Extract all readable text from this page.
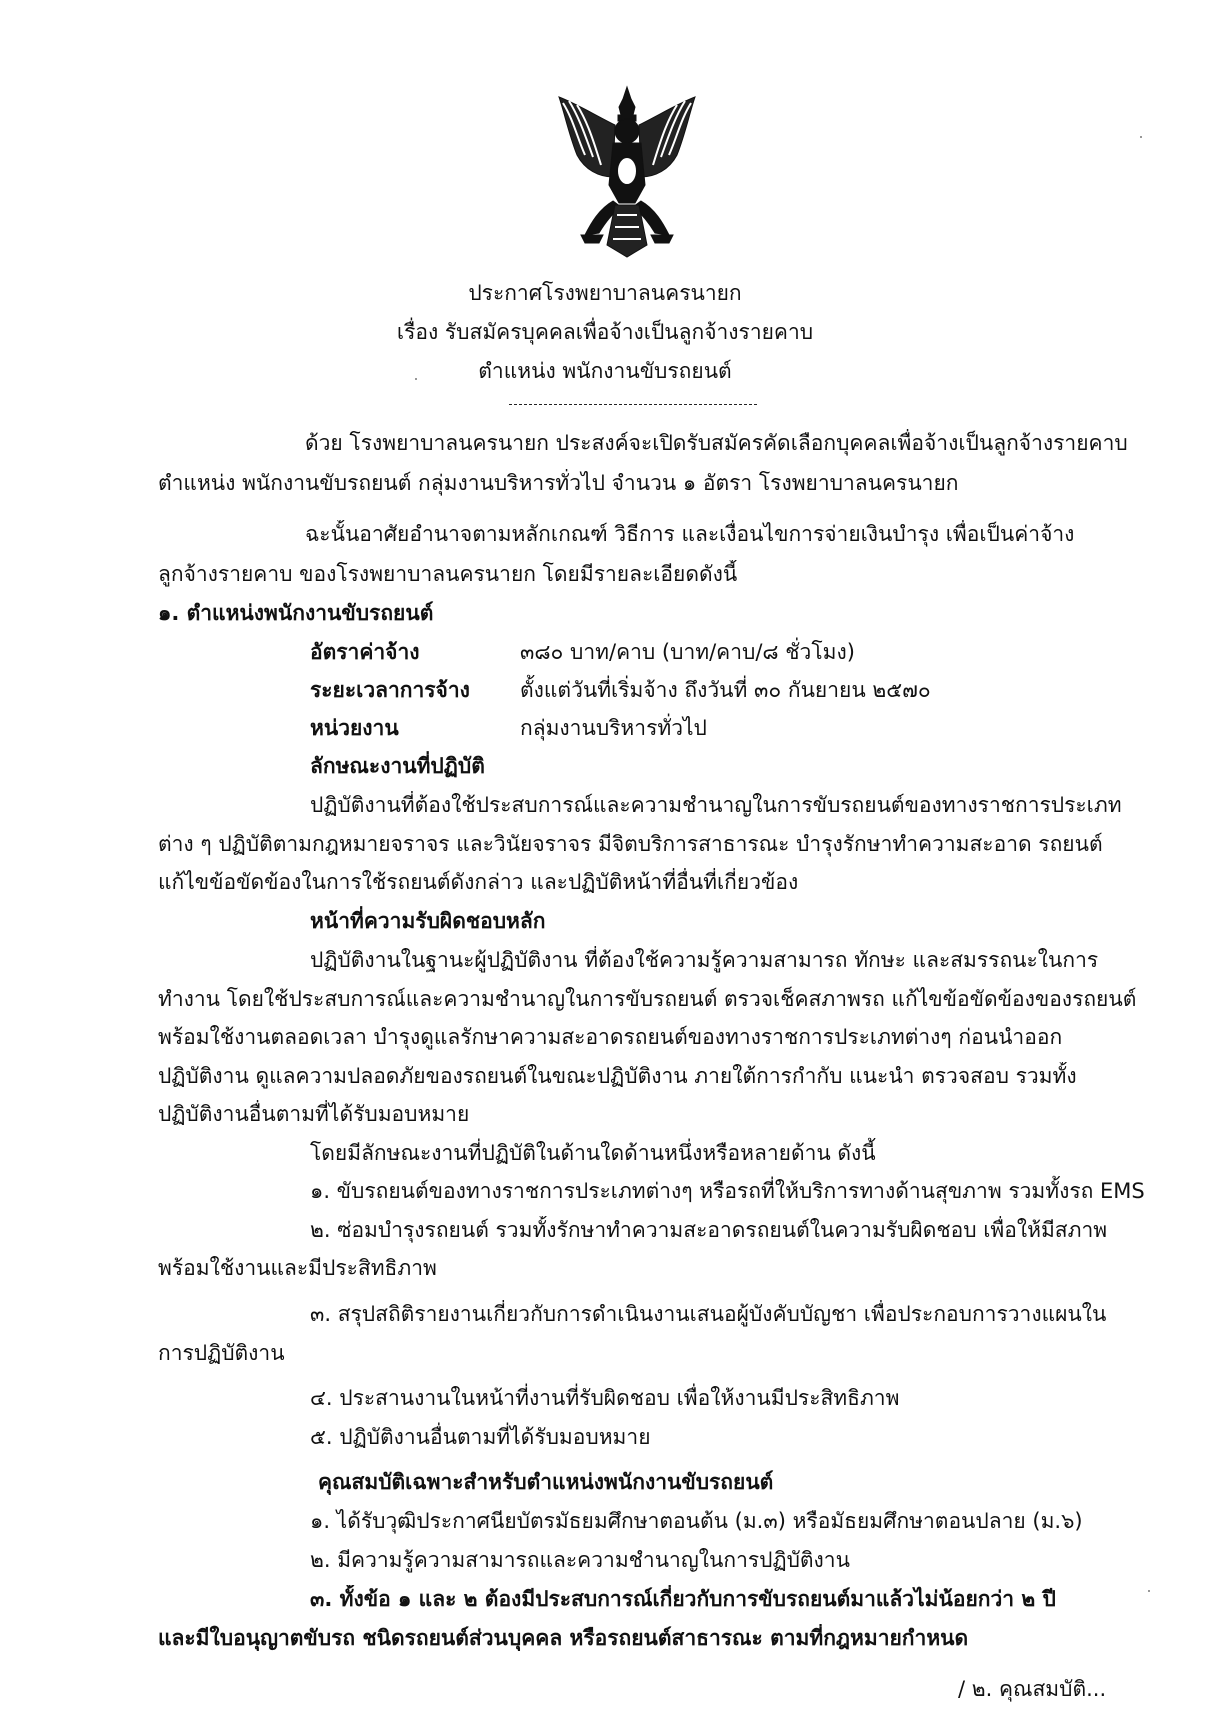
ประกาศโรงพยาบาลนครนายก
เรื่อง รับสมัครบุคคลเพื่อจ้างเป็นลูกจ้างรายคาบ
ตำแหน่ง พนักงานขับรถยนต์
ด้วย โรงพยาบาลนครนายก ประสงค์จะเปิดรับสมัครคัดเลือกบุคคลเพื่อจ้างเป็นลูกจ้างรายคาบ
ตำแหน่ง พนักงานขับรถยนต์ กลุ่มงานบริหารทั่วไป จำนวน ๑ อัตรา โรงพยาบาลนครนายก
ฉะนั้นอาศัยอำนาจตามหลักเกณฑ์ วิธีการ และเงื่อนไขการจ่ายเงินบำรุง เพื่อเป็นค่าจ้าง
ลูกจ้างรายคาบ ของโรงพยาบาลนครนายก โดยมีรายละเอียดดังนี้
๑. ตำแหน่งพนักงานขับรถยนต์
อัตราค่าจ้าง	๓๘๐ บาท/คาบ (บาท/คาบ/๘ ชั่วโมง)
ระยะเวลาการจ้าง ตั้งแต่วันที่เริ่มจ้าง ถึงวันที่ ๓๐ กันยายน ๒๕๗๐
หน่วยงาน	กลุ่มงานบริหารทั่วไป
ลักษณะงานที่ปฏิบัติ
ปฏิบัติงานที่ต้องใช้ประสบการณ์และความชำนาญในการขับรถยนต์ของทางราชการประเภท
ต่าง ๆ ปฏิบัติตามกฎหมายจราจร และวินัยจราจร มีจิตบริการสาธารณะ บำรุงรักษาทำความสะอาด รถยนต์
แก้ไขข้อขัดข้องในการใช้รถยนต์ดังกล่าว และปฏิบัติหน้าที่อื่นที่เกี่ยวข้อง
หน้าที่ความรับผิดชอบหลัก
ปฏิบัติงานในฐานะผู้ปฏิบัติงาน ที่ต้องใช้ความรู้ความสามารถ ทักษะ และสมรรถนะในการ
ทำงาน โดยใช้ประสบการณ์และความชำนาญในการขับรถยนต์ ตรวจเช็คสภาพรถ แก้ไขข้อขัดข้องของรถยนต์
พร้อมใช้งานตลอดเวลา บำรุงดูแลรักษาความสะอาดรถยนต์ของทางราชการประเภทต่างๆ ก่อนนำออก
ปฏิบัติงาน ดูแลความปลอดภัยของรถยนต์ในขณะปฏิบัติงาน ภายใต้การกำกับ แนะนำ ตรวจสอบ รวมทั้ง
ปฏิบัติงานอื่นตามที่ได้รับมอบหมาย
โดยมีลักษณะงานที่ปฏิบัติในด้านใดด้านหนึ่งหรือหลายด้าน ดังนี้
๑. ขับรถยนต์ของทางราชการประเภทต่างๆ หรือรถที่ให้บริการทางด้านสุขภาพ รวมทั้งรถ EMS
๒. ซ่อมบำรุงรถยนต์ รวมทั้งรักษาทำความสะอาดรถยนต์ในความรับผิดชอบ เพื่อให้มีสภาพ
พร้อมใช้งานและมีประสิทธิภาพ
๓. สรุปสถิติรายงานเกี่ยวกับการดำเนินงานเสนอผู้บังคับบัญชา เพื่อประกอบการวางแผนใน
การปฏิบัติงาน
๔. ประสานงานในหน้าที่งานที่รับผิดชอบ เพื่อให้งานมีประสิทธิภาพ
๕. ปฏิบัติงานอื่นตามที่ได้รับมอบหมาย
คุณสมบัติเฉพาะสำหรับตำแหน่งพนักงานขับรถยนต์
๑. ได้รับวุฒิประกาศนียบัตรมัธยมศึกษาตอนต้น (ม.๓) หรือมัธยมศึกษาตอนปลาย (ม.๖)
๒. มีความรู้ความสามารถและความชำนาญในการปฏิบัติงาน
๓. ทั้งข้อ ๑ และ ๒ ต้องมีประสบการณ์เกี่ยวกับการขับรถยนต์มาแล้วไม่น้อยกว่า ๒ ปี
และมีใบอนุญาตขับรถ ชนิดรถยนต์ส่วนบุคคล หรือรถยนต์สาธารณะ ตามที่กฎหมายกำหนด
/ ๒. คุณสมบัติ...
